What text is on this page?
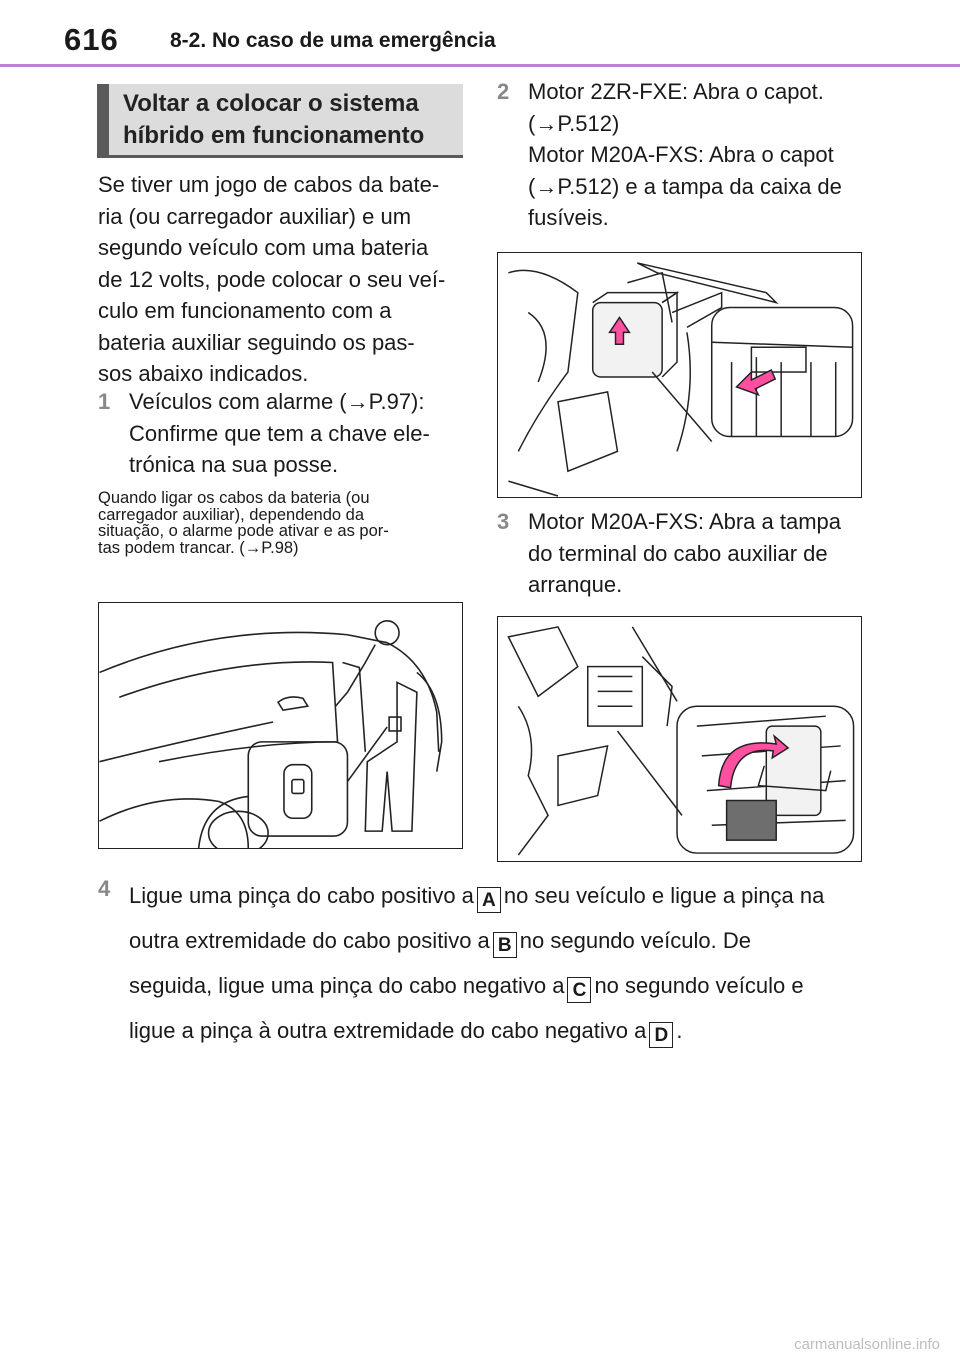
616 8-2. No caso de uma emergência
Voltar a colocar o sistema
híbrido em funcionamento
Se tiver um jogo de cabos da bate-
ria (ou carregador auxiliar) e um
segundo veículo com uma bateria
de 12 volts, pode colocar o seu veí-
culo em funcionamento com a
bateria auxiliar seguindo os pas-
sos abaixo indicados.
1 Veículos com alarme (→P.97):
Confirme que tem a chave ele-
trónica na sua posse.
Quando ligar os cabos da bateria (ou
carregador auxiliar), dependendo da
situação, o alarme pode ativar e as por-
tas podem trancar. (→P.98)
2 Motor 2ZR-FXE: Abra o capot.
(→P.512)
Motor M20A-FXS: Abra o capot
(→P.512) e a tampa da caixa de
fusíveis.
3 Motor M20A-FXS: Abra a tampa
do terminal do cabo auxiliar de
arranque.
4 Ligue uma pinça do cabo positivo a A no seu veículo e ligue a pinça na
outra extremidade do cabo positivo a B no segundo veículo. De
seguida, ligue uma pinça do cabo negativo a C no segundo veículo e
ligue a pinça à outra extremidade do cabo negativo a D .
carmanualsonline.info
